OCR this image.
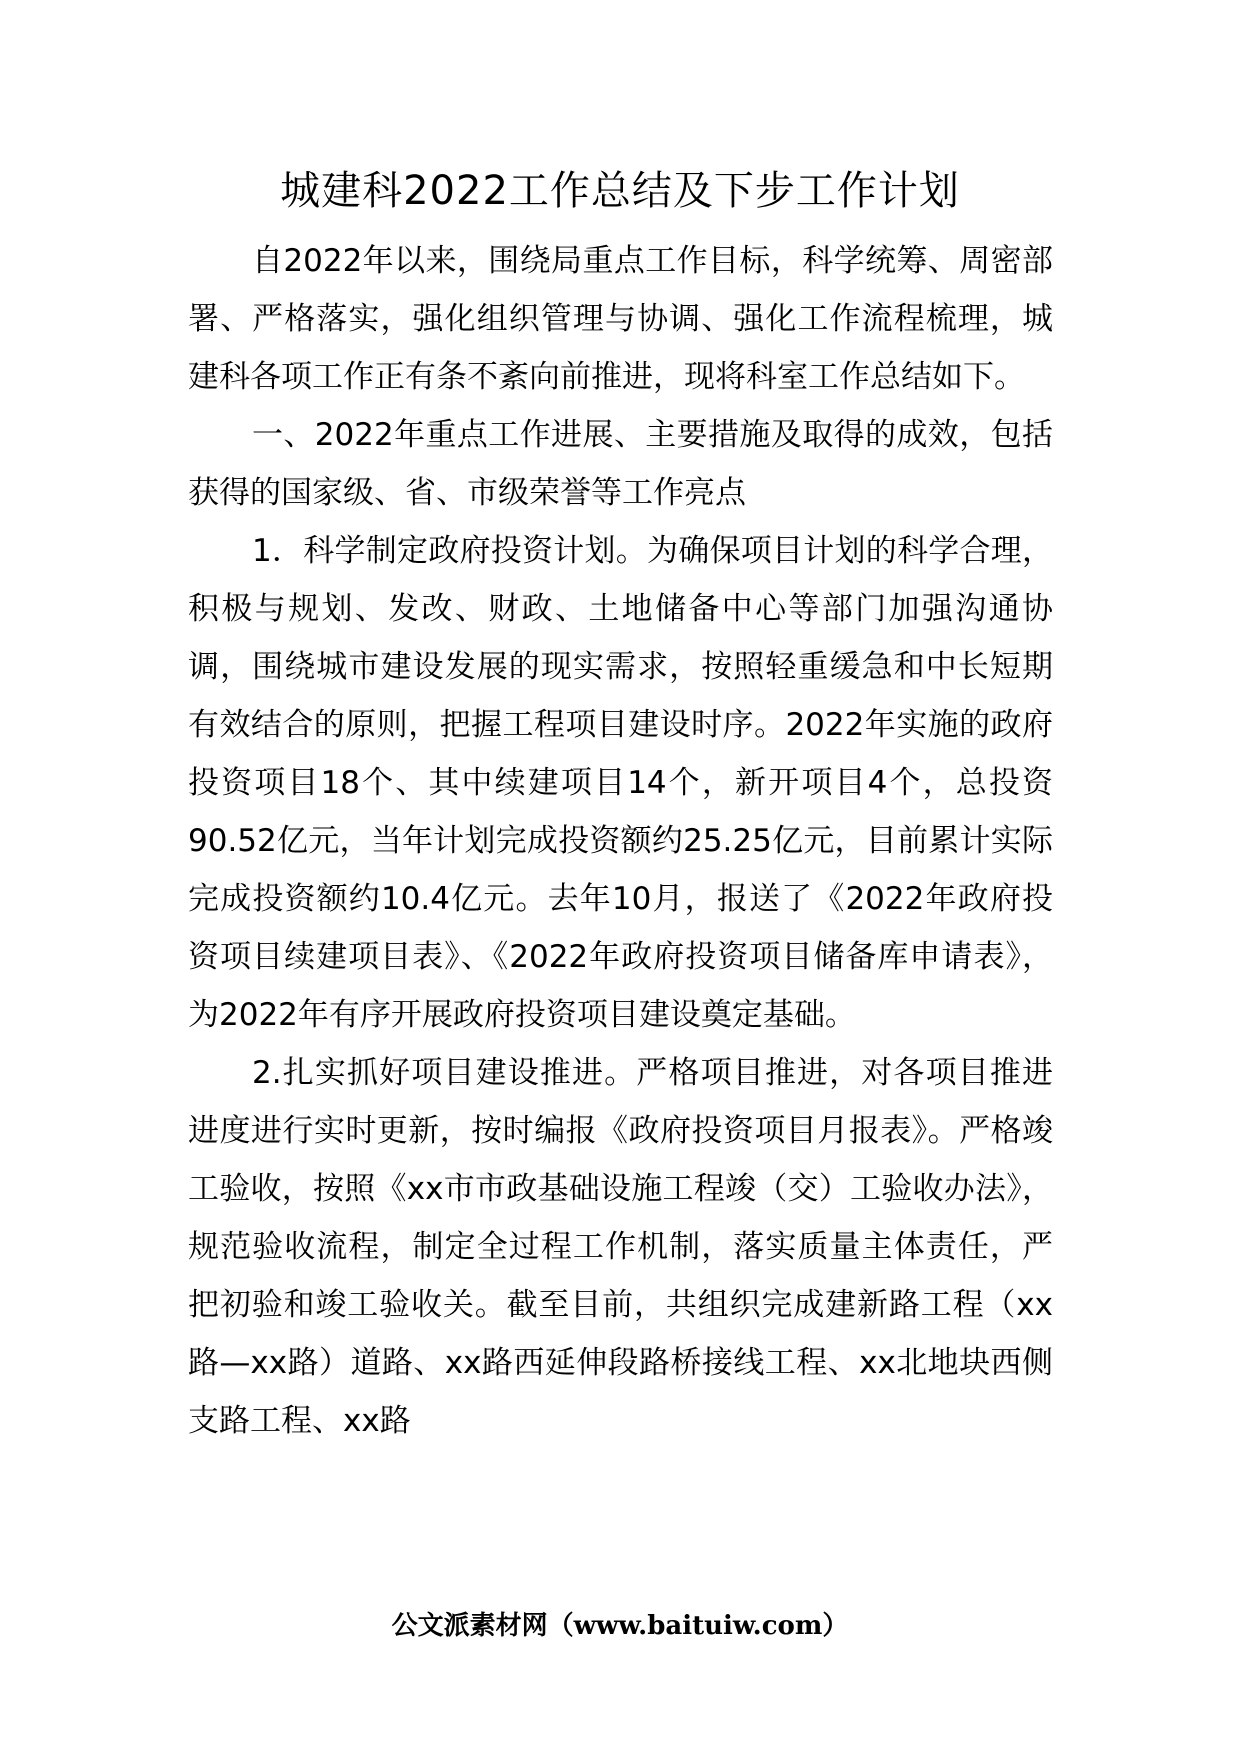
城建科2022工作总结及下步工作计划

自2022年以来，围绕局重点工作目标，科学统筹、周密部署、严格落实，强化组织管理与协调、强化工作流程梳理，城建科各项工作正有条不紊向前推进，现将科室工作总结如下。

一、2022年重点工作进展、主要措施及取得的成效，包括获得的国家级、省、市级荣誉等工作亮点

1．科学制定政府投资计划。为确保项目计划的科学合理，积极与规划、发改、财政、土地储备中心等部门加强沟通协调，围绕城市建设发展的现实需求，按照轻重缓急和中长短期有效结合的原则，把握工程项目建设时序。2022年实施的政府投资项目18个、其中续建项目14个，新开项目4个，总投资90.52亿元，当年计划完成投资额约25.25亿元，目前累计实际完成投资额约10.4亿元。去年10月，报送了《2022年政府投资项目续建项目表》、《2022年政府投资项目储备库申请表》，为2022年有序开展政府投资项目建设奠定基础。

2.扎实抓好项目建设推进。严格项目推进，对各项目推进进度进行实时更新，按时编报《政府投资项目月报表》。严格竣工验收，按照《xx市市政基础设施工程竣（交）工验收办法》，规范验收流程，制定全过程工作机制，落实质量主体责任，严把初验和竣工验收关。截至目前，共组织完成建新路工程（xx路—xx路）道路、xx路西延伸段路桥接线工程、xx北地块西侧支路工程、xx路

公文派素材网（www.baituiw.com）
